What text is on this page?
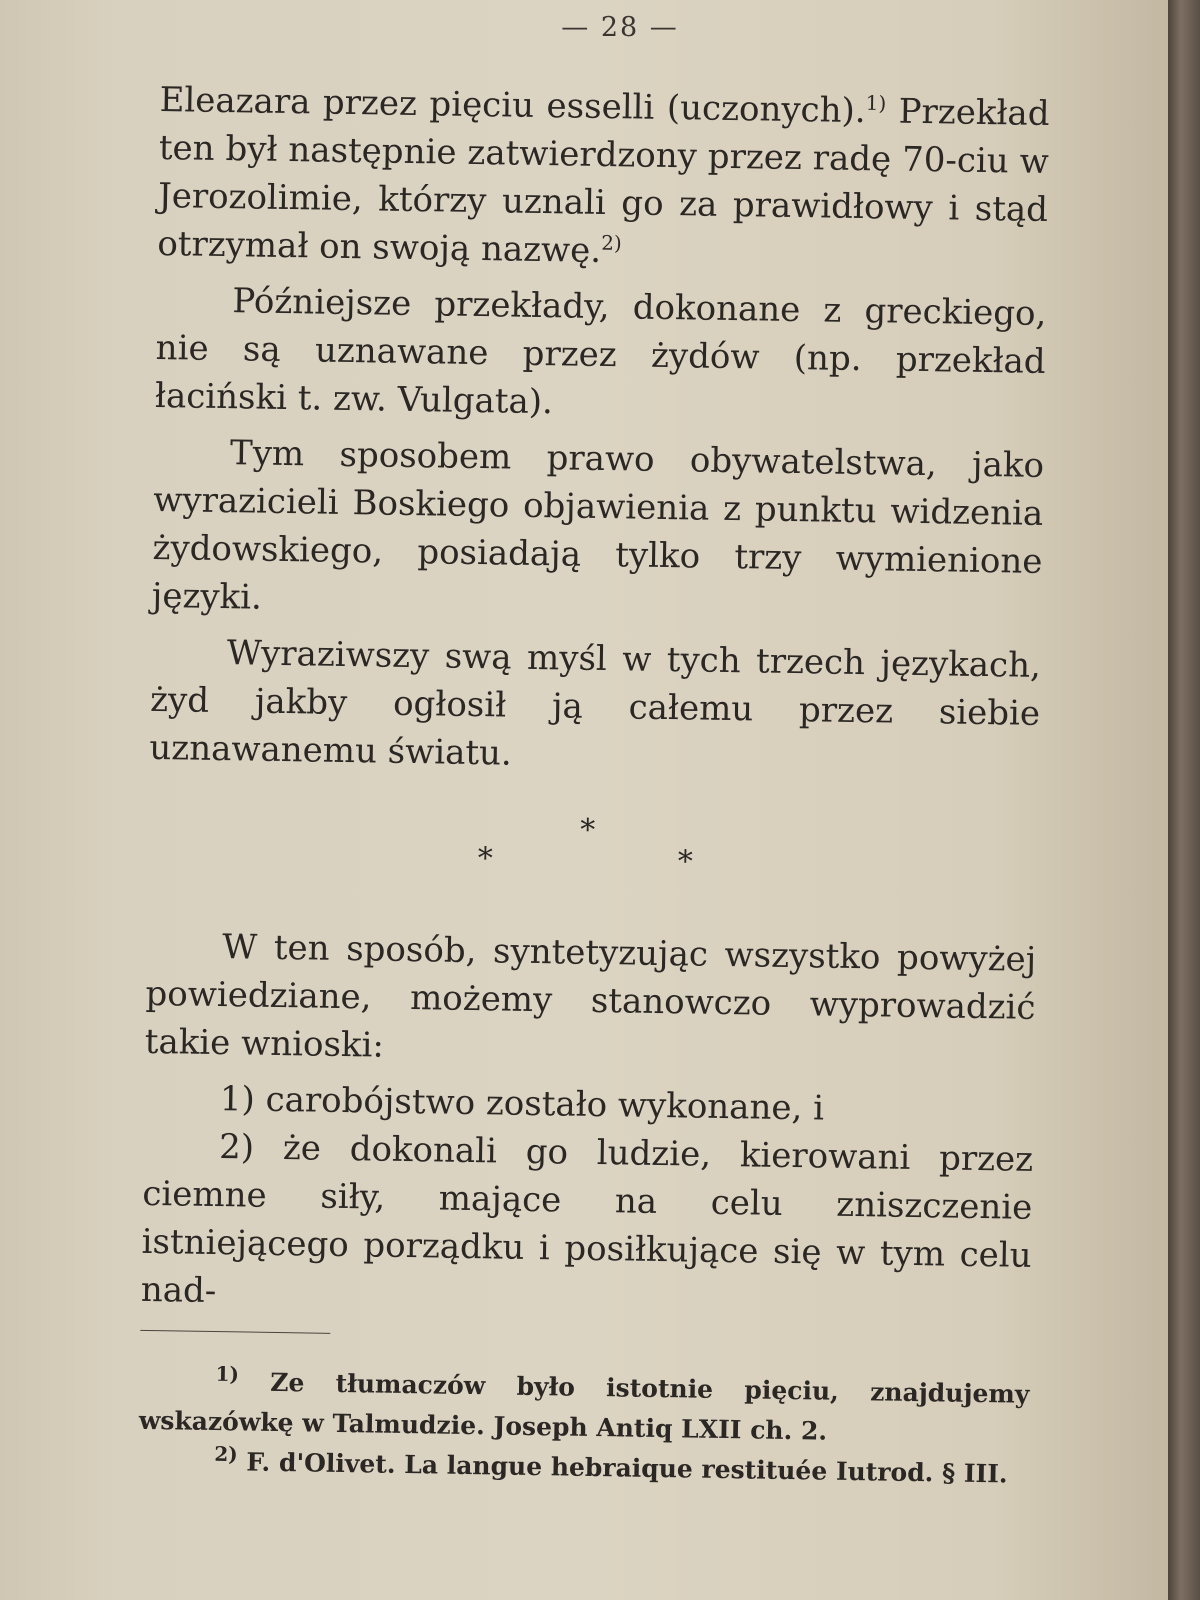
— 28 —

Eleazara przez pięciu esselli (uczonych).$^{1)}$ Przekład ten był następnie zatwierdzony przez radę 70-ciu w Jerozolimie, którzy uznali go za prawidłowy i stąd otrzymał on swoją nazwę.$^{2)}$

Późniejsze przekłady, dokonane z greckiego, nie są uznawane przez żydów (np. przekład łaciński t. zw. Vulgata).

Tym sposobem prawo obywatelstwa, jako wyrazicieli Boskiego objawienia z punktu widzenia żydowskiego, posiadają tylko trzy wymienione języki.

Wyraziwszy swą myśl w tych trzech językach, żyd jakby ogłosił ją całemu przez siebie uznawanemu światu.

*
*	*

W ten sposób, syntetyzując wszystko powyżej powiedziane, możemy stanowczo wyprowadzić takie wnioski:

1) carobójstwo zostało wykonane, i

2) że dokonali go ludzie, kierowani przez ciemne siły, mające na celu zniszczenie istniejącego porządku i posiłkujące się w tym celu nad-

$^{1)}$ Ze tłumaczów było istotnie pięciu, znajdujemy wskazówkę w Talmudzie. Joseph Antiq LXII ch. 2.

$^{2)}$ F. d'Olivet. La langue hebraique restituée Iutrod. § III.
